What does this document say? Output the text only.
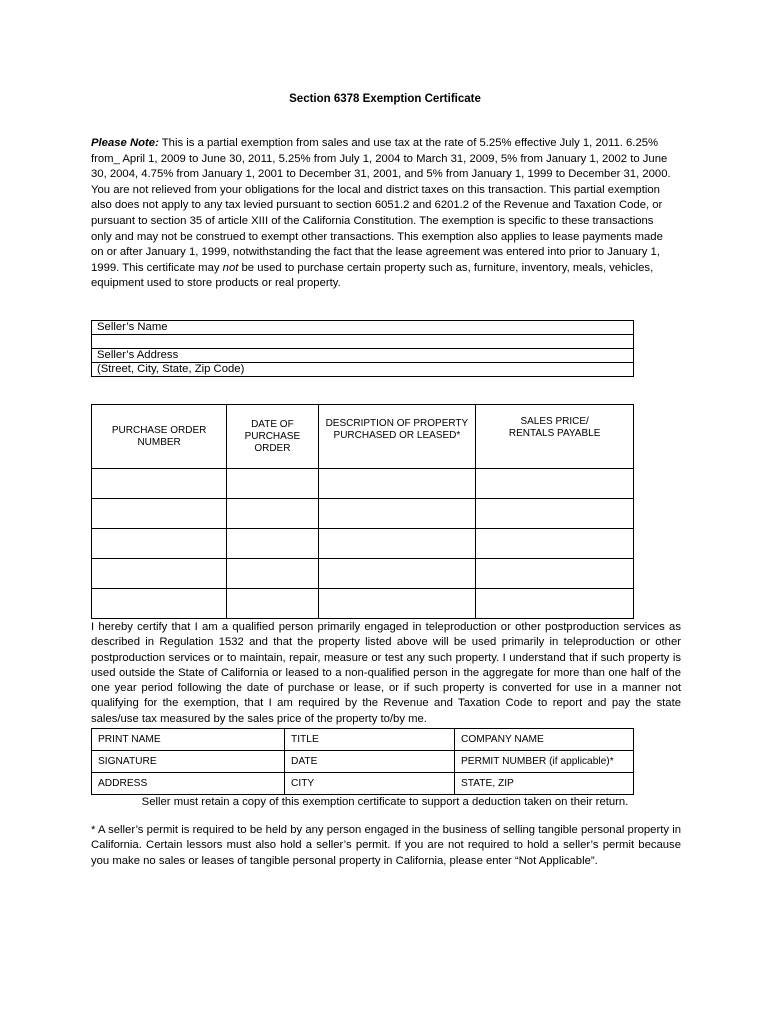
Section 6378 Exemption Certificate
Please Note: This is a partial exemption from sales and use tax at the rate of 5.25% effective July 1, 2011. 6.25% from_ April 1, 2009 to June 30, 2011, 5.25% from July 1, 2004 to March 31, 2009, 5% from January 1, 2002 to June 30, 2004, 4.75% from January 1, 2001 to December 31, 2001, and 5% from January 1, 1999 to December 31, 2000. You are not relieved from your obligations for the local and district taxes on this transaction. This partial exemption also does not apply to any tax levied pursuant to section 6051.2 and 6201.2 of the Revenue and Taxation Code, or pursuant to section 35 of article XIII of the California Constitution. The exemption is specific to these transactions only and may not be construed to exempt other transactions. This exemption also applies to lease payments made on or after January 1, 1999, notwithstanding the fact that the lease agreement was entered into prior to January 1, 1999. This certificate may not be used to purchase certain property such as, furniture, inventory, meals, vehicles, equipment used to store products or real property.
Seller’s Name

Seller’s Address
(Street, City, State, Zip Code)
PURCHASE ORDER NUMBER	DATE OF PURCHASE ORDER	DESCRIPTION OF PROPERTY PURCHASED OR LEASED*	SALES PRICE/ RENTALS PAYABLE

I hereby certify that I am a qualified person primarily engaged in teleproduction or other postproduction services as described in Regulation 1532 and that the property listed above will be used primarily in teleproduction or other postproduction services or to maintain, repair, measure or test any such property. I understand that if such property is used outside the State of California or leased to a non-qualified person in the aggregate for more than one half of the one year period following the date of purchase or lease, or if such property is converted for use in a manner not qualifying for the exemption, that I am required by the Revenue and Taxation Code to report and pay the state sales/use tax measured by the sales price of the property to/by me.
PRINT NAME	TITLE	COMPANY NAME
SIGNATURE	DATE	PERMIT NUMBER (if applicable)*
ADDRESS	CITY	STATE, ZIP
Seller must retain a copy of this exemption certificate to support a deduction taken on their return.
* A seller’s permit is required to be held by any person engaged in the business of selling tangible personal property in California. Certain lessors must also hold a seller’s permit. If you are not required to hold a seller’s permit because you make no sales or leases of tangible personal property in California, please enter “Not Applicable”.
